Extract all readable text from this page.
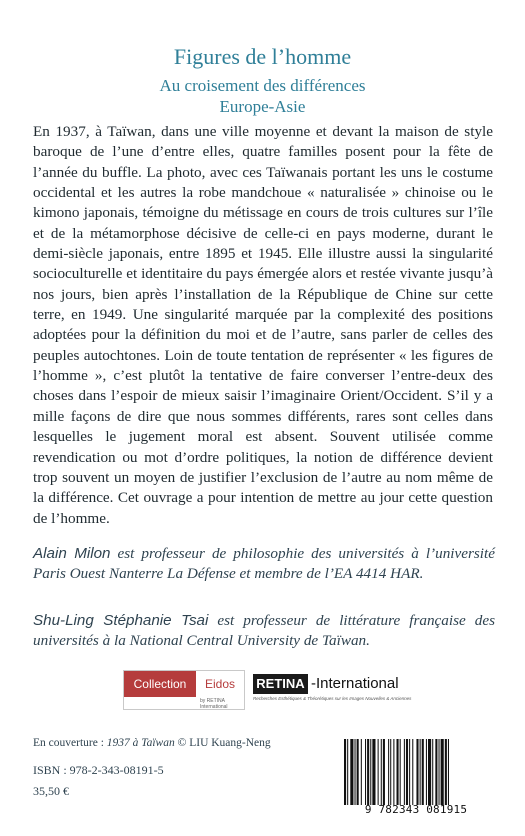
Figures de l’homme
Au croisement des différences
Europe-Asie

En 1937, à Taïwan, dans une ville moyenne et devant la maison de style baroque de l’une d’entre elles, quatre familles posent pour la fête de l’année du buffle. La photo, avec ces Taïwanais portant les uns le costume occidental et les autres la robe mandchoue « naturalisée » chinoise ou le kimono japonais, témoigne du métissage en cours de trois cultures sur l’île et de la métamorphose décisive de celle-ci en pays moderne, durant le demi-siècle japonais, entre 1895 et 1945. Elle illustre aussi la singularité socioculturelle et identitaire du pays émergée alors et restée vivante jusqu’à nos jours, bien après l’installation de la République de Chine sur cette terre, en 1949. Une singularité marquée par la complexité des positions adoptées pour la définition du moi et de l’autre, sans parler de celles des peuples autochtones. Loin de toute tentation de représenter « les figures de l’homme », c’est plutôt la tentative de faire converser l’entre-deux des choses dans l’espoir de mieux saisir l’imaginaire Orient/Occident. S’il y a mille façons de dire que nous sommes différents, rares sont celles dans lesquelles le jugement moral est absent. Souvent utilisée comme revendication ou mot d’ordre politiques, la notion de différence devient trop souvent un moyen de justifier l’exclusion de l’autre au nom même de la différence. Cet ouvrage a pour intention de mettre au jour cette question de l’homme.

Alain Milon est professeur de philosophie des universités à l’université Paris Ouest Nanterre La Défense et membre de l’EA 4414 HAR.

Shu-Ling Stéphanie Tsai est professeur de littérature française des universités à la National Central University de Taïwan.

Collection	Eidos
by RETINA International
RETINA -International
Recherches Esthétiques & Théorétiques sur les Images Nouvelles & Anciennes
En couverture : 1937 à Taïwan © LIU Kuang-Neng
ISBN : 978-2-343-08191-5
35,50 €
9 782343 081915
